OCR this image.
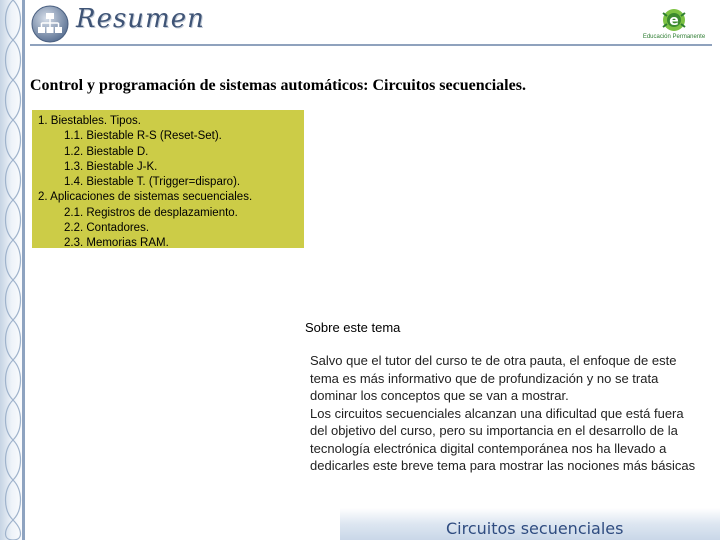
Resumen	e
Educación Permanente
Control y programación de sistemas automáticos: Circuitos secuenciales.
1. Biestables. Tipos.
1.1. Biestable R-S (Reset-Set).
1.2. Biestable D.
1.3. Biestable J-K.
1.4. Biestable T. (Trigger=disparo).
2. Aplicaciones de sistemas secuenciales.
2.1. Registros de desplazamiento.
2.2. Contadores.
2.3. Memorias RAM.
Sobre este tema
Salvo que el tutor del curso te de otra pauta, el enfoque de este tema es más informativo que de profundización y no se trata dominar los conceptos que se van a mostrar.
Los circuitos secuenciales alcanzan una dificultad que está fuera del objetivo del curso, pero su importancia en el desarrollo de la tecnología electrónica digital contemporánea nos ha llevado a dedicarles este breve tema para mostrar las nociones más básicas
Circuitos secuenciales
